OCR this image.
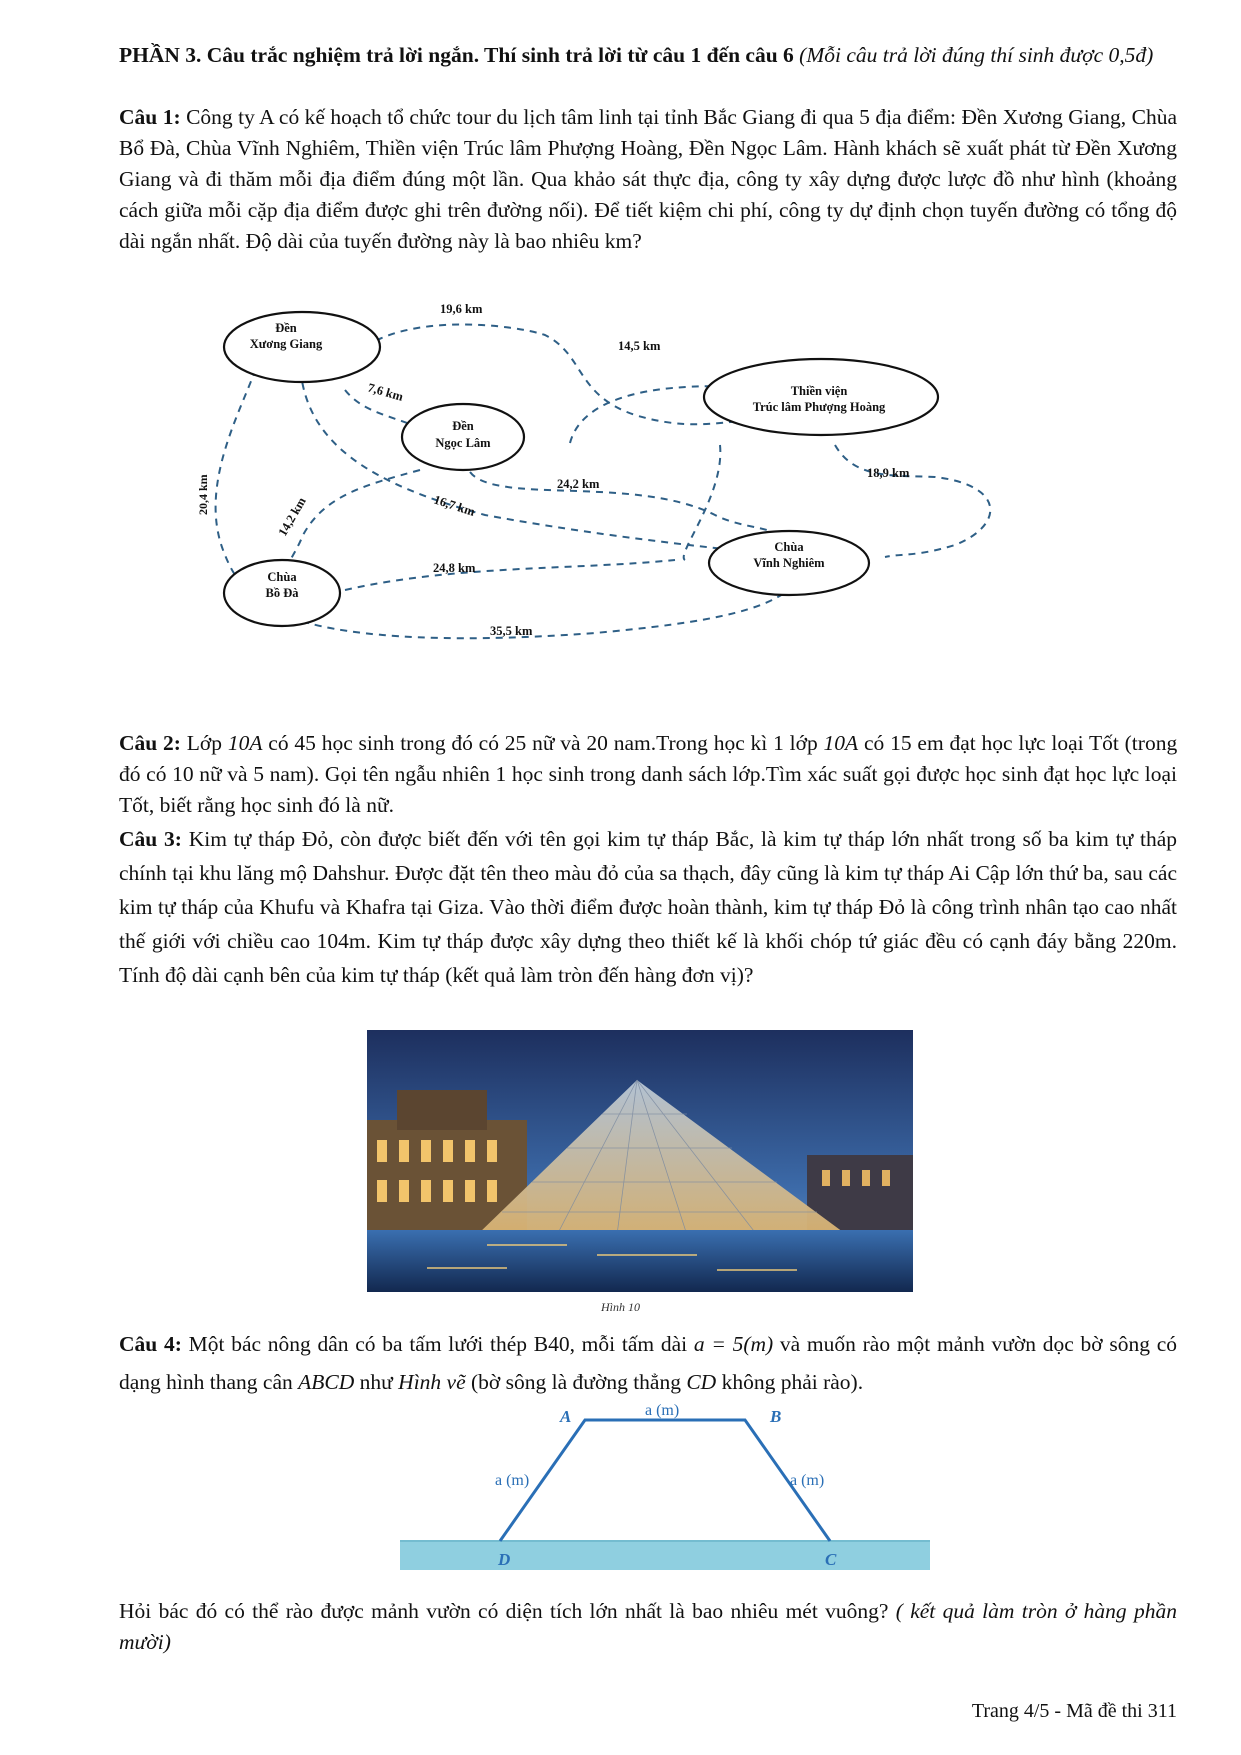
PHẦN 3. Câu trắc nghiệm trả lời ngắn. Thí sinh trả lời từ câu 1 đến câu 6 (Mỗi câu trả lời đúng thí sinh được 0,5đ)

Câu 1: Công ty A có kế hoạch tổ chức tour du lịch tâm linh tại tỉnh Bắc Giang đi qua 5 địa điểm: Đền Xương Giang, Chùa Bổ Đà, Chùa Vĩnh Nghiêm, Thiền viện Trúc lâm Phượng Hoàng, Đền Ngọc Lâm. Hành khách sẽ xuất phát từ Đền Xương Giang và đi thăm mỗi địa điểm đúng một lần. Qua khảo sát thực địa, công ty xây dựng được lược đồ như hình (khoảng cách giữa mỗi cặp địa điểm được ghi trên đường nối). Để tiết kiệm chi phí, công ty dự định chọn tuyến đường có tổng độ dài ngắn nhất. Độ dài của tuyến đường này là bao nhiêu km?

Đền
Xương Giang
Đền
Ngọc Lâm
Thiền viện
Trúc lâm Phượng Hoàng
Chùa
Vĩnh Nghiêm
Chùa
Bồ Đà
19,6 km
14,5 km
7,6 km
20,4 km
14,2 km	16,7 km
24,2 km
18,9 km
24,8 km
35,5 km

Câu 2: Lớp 10A có 45 học sinh trong đó có 25 nữ và 20 nam.Trong học kì 1 lớp 10A có 15 em đạt học lực loại Tốt (trong đó có 10 nữ và 5 nam). Gọi tên ngẫu nhiên 1 học sinh trong danh sách lớp.Tìm xác suất gọi được học sinh đạt học lực loại Tốt, biết rằng học sinh đó là nữ.

Câu 3: Kim tự tháp Đỏ, còn được biết đến với tên gọi kim tự tháp Bắc, là kim tự tháp lớn nhất trong số ba kim tự tháp chính tại khu lăng mộ Dahshur. Được đặt tên theo màu đỏ của sa thạch, đây cũng là kim tự tháp Ai Cập lớn thứ ba, sau các kim tự tháp của Khufu và Khafra tại Giza. Vào thời điểm được hoàn thành, kim tự tháp Đỏ là công trình nhân tạo cao nhất thế giới với chiều cao 104m. Kim tự tháp được xây dựng theo thiết kế là khối chóp tứ giác đều có cạnh đáy bằng 220m. Tính độ dài cạnh bên của kim tự tháp (kết quả làm tròn đến hàng đơn vị)?

Hình 10

Câu 4: Một bác nông dân có ba tấm lưới thép B40, mỗi tấm dài a = 5(m) và muốn rào một mảnh vườn dọc bờ sông có dạng hình thang cân ABCD như Hình vẽ (bờ sông là đường thẳng CD không phải rào).

A	B
D	C
a (m)
a (m)	a (m)

Hỏi bác đó có thể rào được mảnh vườn có diện tích lớn nhất là bao nhiêu mét vuông? ( kết quả làm tròn ở hàng phần mười)

Trang 4/5 - Mã đề thi 311
